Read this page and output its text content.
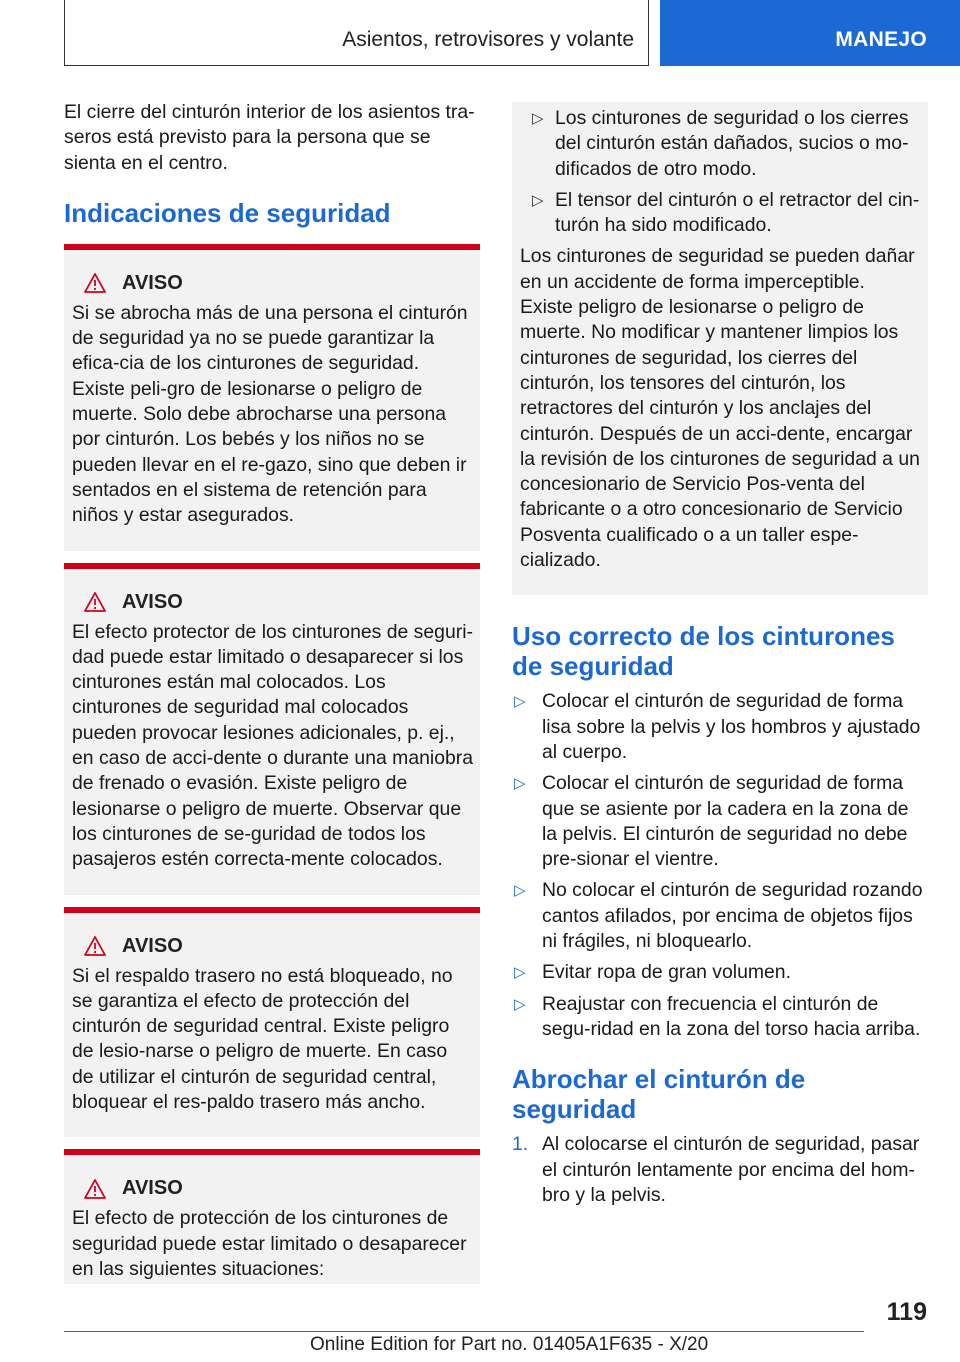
Asientos, retrovisores y volante	MANEJO

El cierre del cinturón interior de los asientos tra-seros está previsto para la persona que se sienta en el centro.

Indicaciones de seguridad
AVISO

Si se abrocha más de una persona el cinturón de seguridad ya no se puede garantizar la efica-cia de los cinturones de seguridad. Existe peli-gro de lesionarse o peligro de muerte. Solo debe abrocharse una persona por cinturón. Los bebés y los niños no se pueden llevar en el re-gazo, sino que deben ir sentados en el sistema de retención para niños y estar asegurados.

AVISO

El efecto protector de los cinturones de seguri-dad puede estar limitado o desaparecer si los cinturones están mal colocados. Los cinturones de seguridad mal colocados pueden provocar lesiones adicionales, p. ej., en caso de acci-dente o durante una maniobra de frenado o evasión. Existe peligro de lesionarse o peligro de muerte. Observar que los cinturones de se-guridad de todos los pasajeros estén correcta-mente colocados.

AVISO

Si el respaldo trasero no está bloqueado, no se garantiza el efecto de protección del cinturón de seguridad central. Existe peligro de lesio-narse o peligro de muerte. En caso de utilizar el cinturón de seguridad central, bloquear el res-paldo trasero más ancho.

AVISO

El efecto de protección de los cinturones de seguridad puede estar limitado o desaparecer en las siguientes situaciones:

▷ Los cinturones de seguridad o los cierres del cinturón están dañados, sucios o mo-dificados de otro modo.
▷ El tensor del cinturón o el retractor del cin-turón ha sido modificado.

Los cinturones de seguridad se pueden dañar en un accidente de forma imperceptible. Existe peligro de lesionarse o peligro de muerte. No modificar y mantener limpios los cinturones de seguridad, los cierres del cinturón, los tensores del cinturón, los retractores del cinturón y los anclajes del cinturón. Después de un acci-dente, encargar la revisión de los cinturones de seguridad a un concesionario de Servicio Pos-venta del fabricante o a otro concesionario de Servicio Posventa cualificado o a un taller espe-cializado.

Uso correcto de los cinturones de seguridad
▷ Colocar el cinturón de seguridad de forma lisa sobre la pelvis y los hombros y ajustado al cuerpo.
▷ Colocar el cinturón de seguridad de forma que se asiente por la cadera en la zona de la pelvis. El cinturón de seguridad no debe pre-sionar el vientre.
▷ No colocar el cinturón de seguridad rozando cantos afilados, por encima de objetos fijos ni frágiles, ni bloquearlo.
▷ Evitar ropa de gran volumen.
▷ Reajustar con frecuencia el cinturón de segu-ridad en la zona del torso hacia arriba.
Abrochar el cinturón de seguridad
1. Al colocarse el cinturón de seguridad, pasar el cinturón lentamente por encima del hom-bro y la pelvis.
119
Online Edition for Part no. 01405A1F635 - X/20
